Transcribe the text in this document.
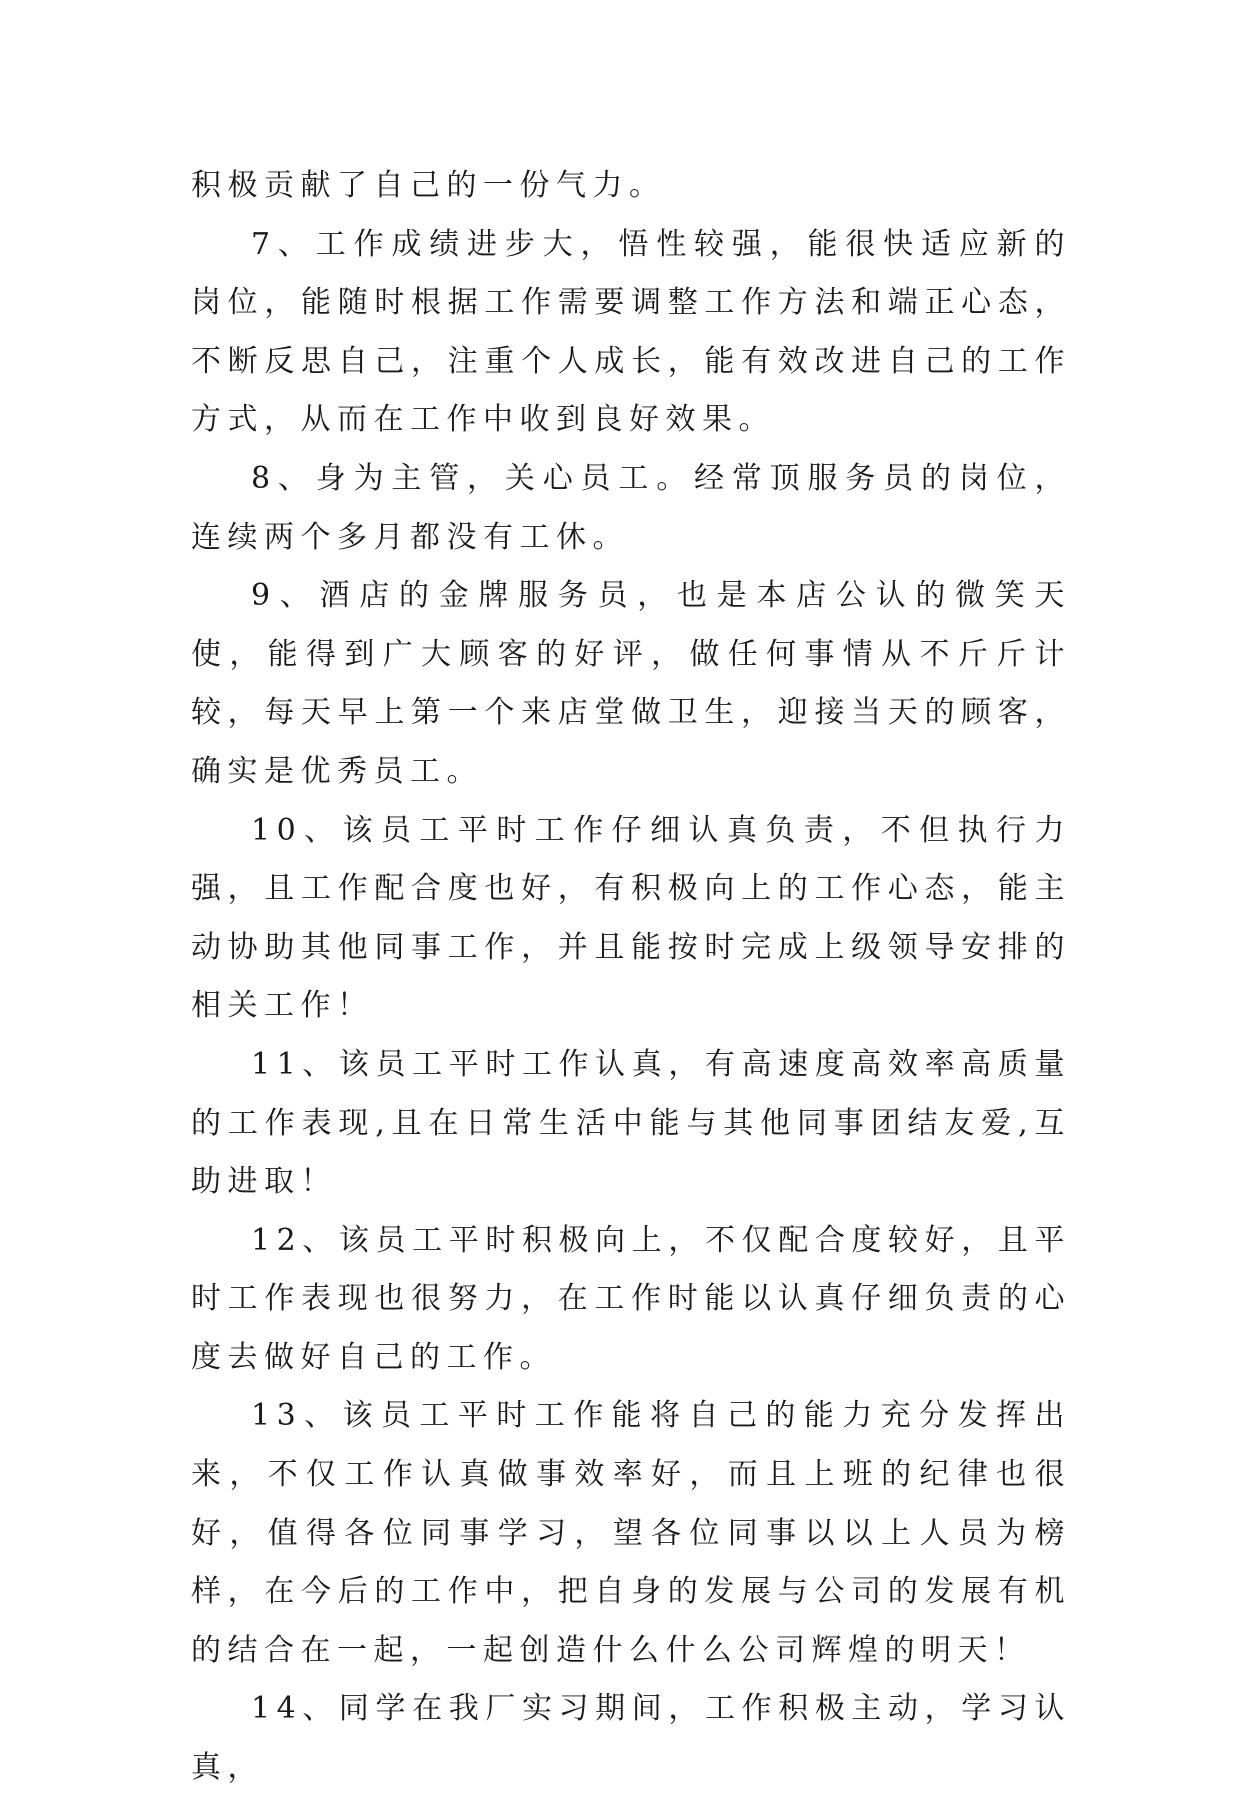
积极贡献了自己的一份气力。

7、工作成绩进步大，悟性较强，能很快适应新的岗位，能随时根据工作需要调整工作方法和端正心态，不断反思自己，注重个人成长，能有效改进自己的工作方式，从而在工作中收到良好效果。

8、身为主管，关心员工。经常顶服务员的岗位，连续两个多月都没有工休。

9、酒店的金牌服务员，也是本店公认的微笑天使，能得到广大顾客的好评，做任何事情从不斤斤计较，每天早上第一个来店堂做卫生，迎接当天的顾客，确实是优秀员工。

10、该员工平时工作仔细认真负责，不但执行力强，且工作配合度也好，有积极向上的工作心态，能主动协助其他同事工作，并且能按时完成上级领导安排的相关工作！

11、该员工平时工作认真，有高速度高效率高质量的工作表现,且在日常生活中能与其他同事团结友爱,互助进取！

12、该员工平时积极向上，不仅配合度较好，且平时工作表现也很努力，在工作时能以认真仔细负责的心度去做好自己的工作。

13、该员工平时工作能将自己的能力充分发挥出来，不仅工作认真做事效率好，而且上班的纪律也很好，值得各位同事学习，望各位同事以以上人员为榜样，在今后的工作中，把自身的发展与公司的发展有机的结合在一起，一起创造什么什么公司辉煌的明天！

14、同学在我厂实习期间，工作积极主动，学习认真，
